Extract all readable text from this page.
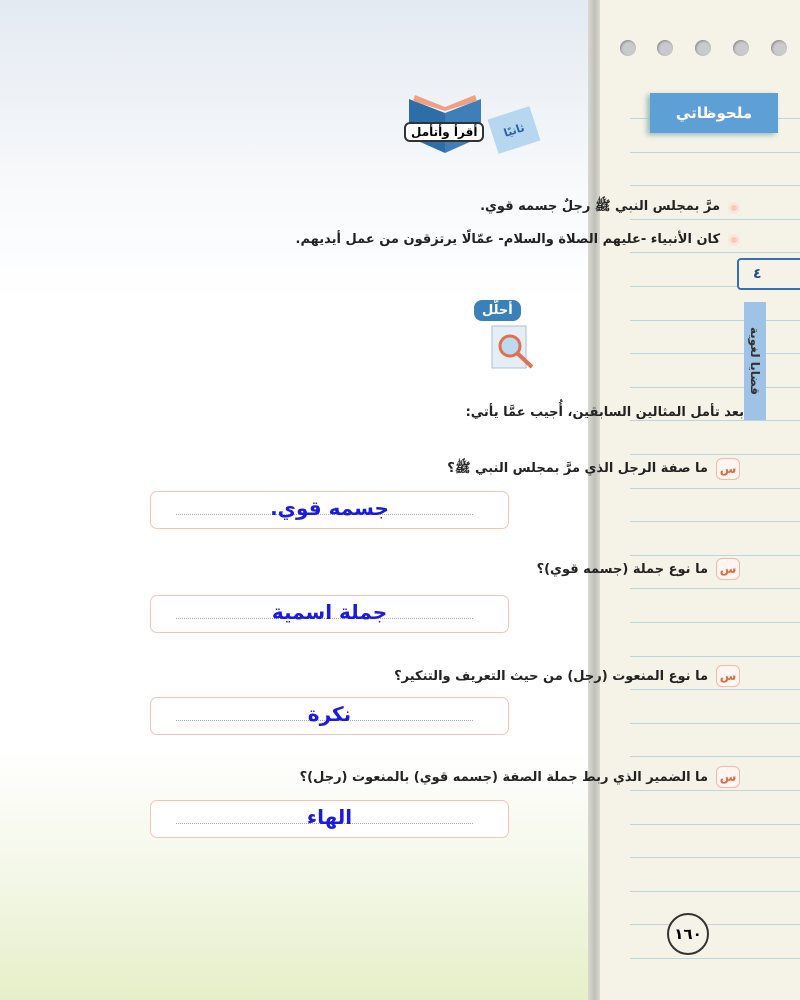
ملحوظاتي
٤
قضايا لغوية
١٦٠
أقرأ وأتأمل	ثانيًا
مرَّ بمجلس النبي ﷺ رجلٌ جسمه قوي.
كان الأنبياء -عليهم الصلاة والسلام- عمّالًا يرتزقون من عمل أيديهم.
أحلّل
بعد تأمل المثالين السابقين، أُجيب عمَّا يأتي:
س
ما صفة الرجل الذي مرَّ بمجلس النبي ﷺ؟
جسمه قوي.
س
ما نوع جملة (جسمه قوي)؟
جملة اسمية
س
ما نوع المنعوت (رجل) من حيث التعريف والتنكير؟
نكرة
س
ما الضمير الذي ربط جملة الصفة (جسمه قوي) بالمنعوت (رجل)؟
الهاء
